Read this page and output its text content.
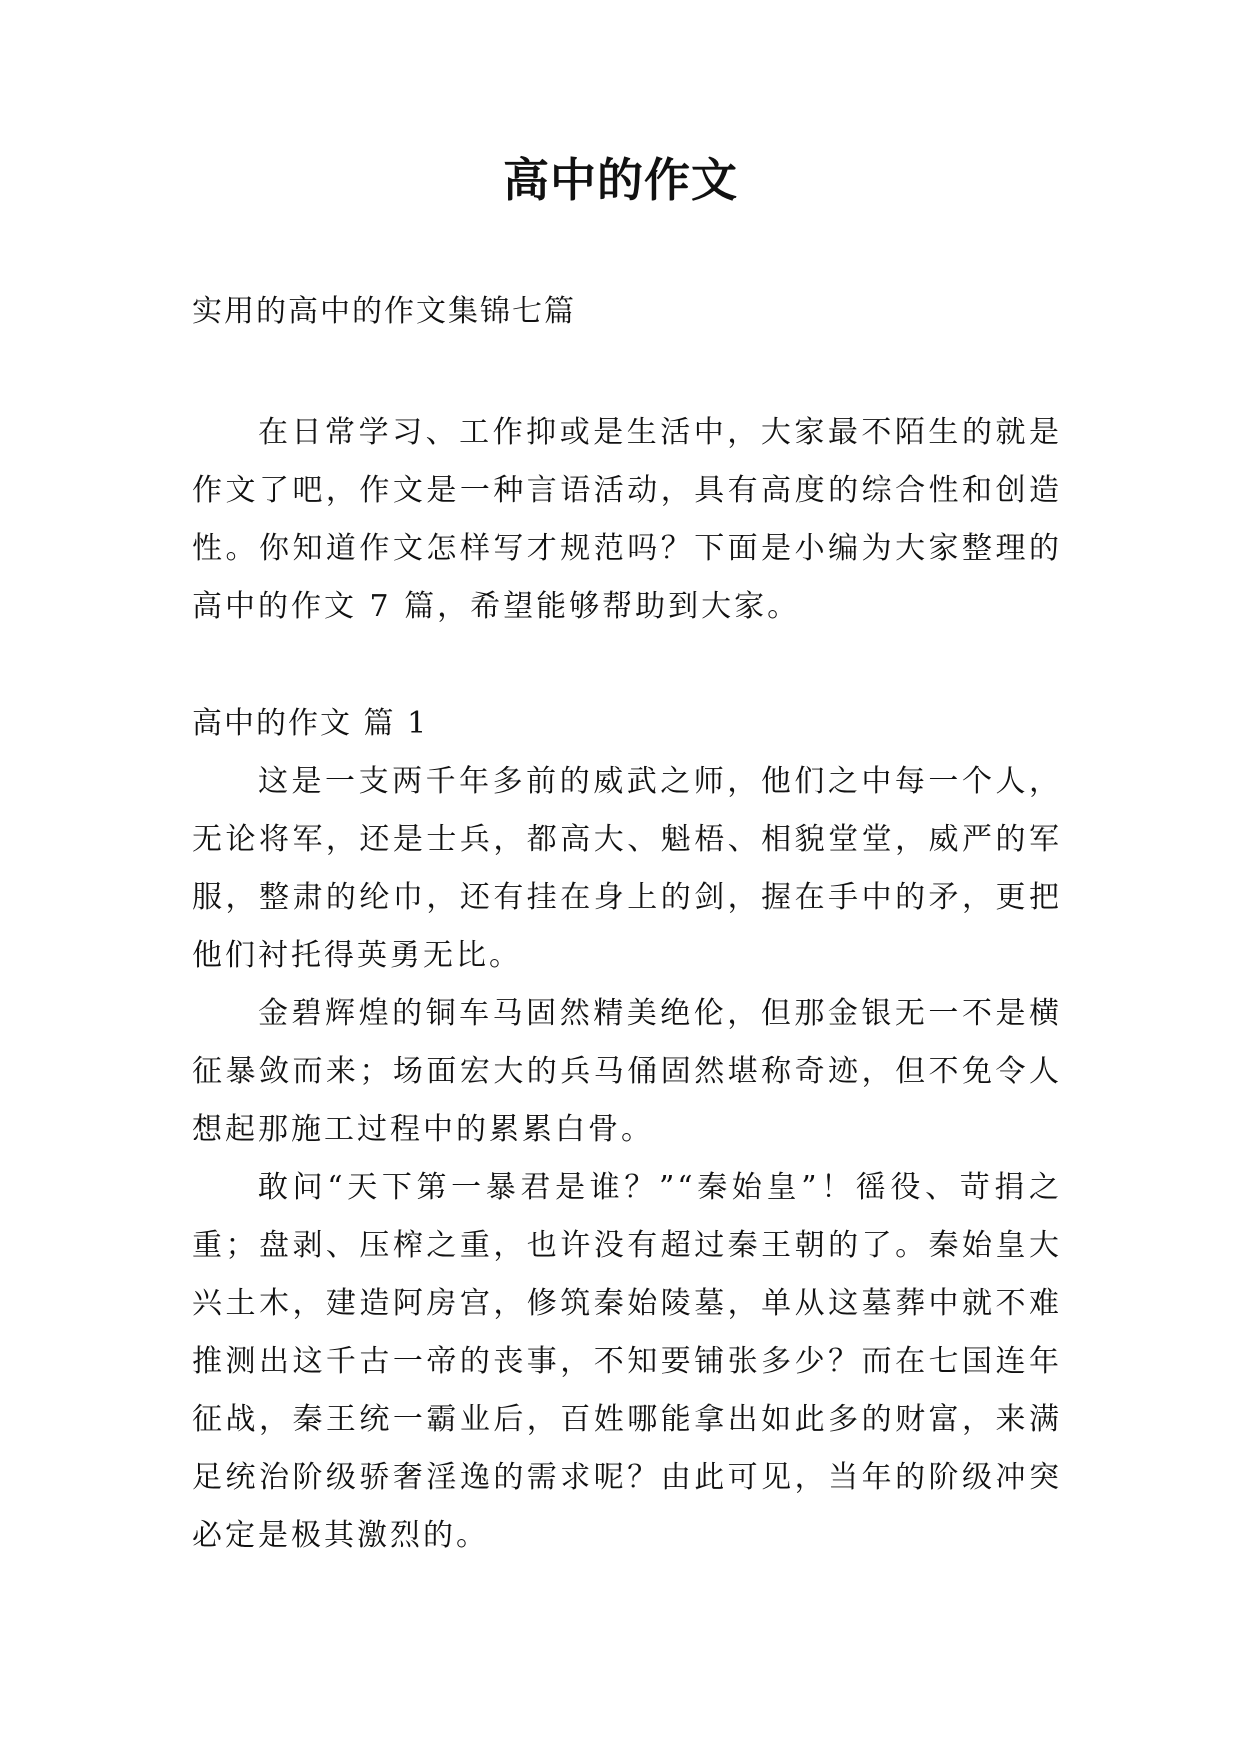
高中的作文
实用的高中的作文集锦七篇

在日常学习、工作抑或是生活中，大家最不陌生的就是作文了吧，作文是一种言语活动，具有高度的综合性和创造性。你知道作文怎样写才规范吗？下面是小编为大家整理的高中的作文 7 篇，希望能够帮助到大家。

高中的作文 篇 1

这是一支两千年多前的威武之师，他们之中每一个人，无论将军，还是士兵，都高大、魁梧、相貌堂堂，威严的军服，整肃的纶巾，还有挂在身上的剑，握在手中的矛，更把他们衬托得英勇无比。

金碧辉煌的铜车马固然精美绝伦，但那金银无一不是横征暴敛而来；场面宏大的兵马俑固然堪称奇迹，但不免令人想起那施工过程中的累累白骨。

敢问“天下第一暴君是谁？”“秦始皇”！徭役、苛捐之重；盘剥、压榨之重，也许没有超过秦王朝的了。秦始皇大兴土木，建造阿房宫，修筑秦始陵墓，单从这墓葬中就不难推测出这千古一帝的丧事，不知要铺张多少？而在七国连年征战，秦王统一霸业后，百姓哪能拿出如此多的财富，来满足统治阶级骄奢淫逸的需求呢？由此可见，当年的阶级冲突必定是极其激烈的。
